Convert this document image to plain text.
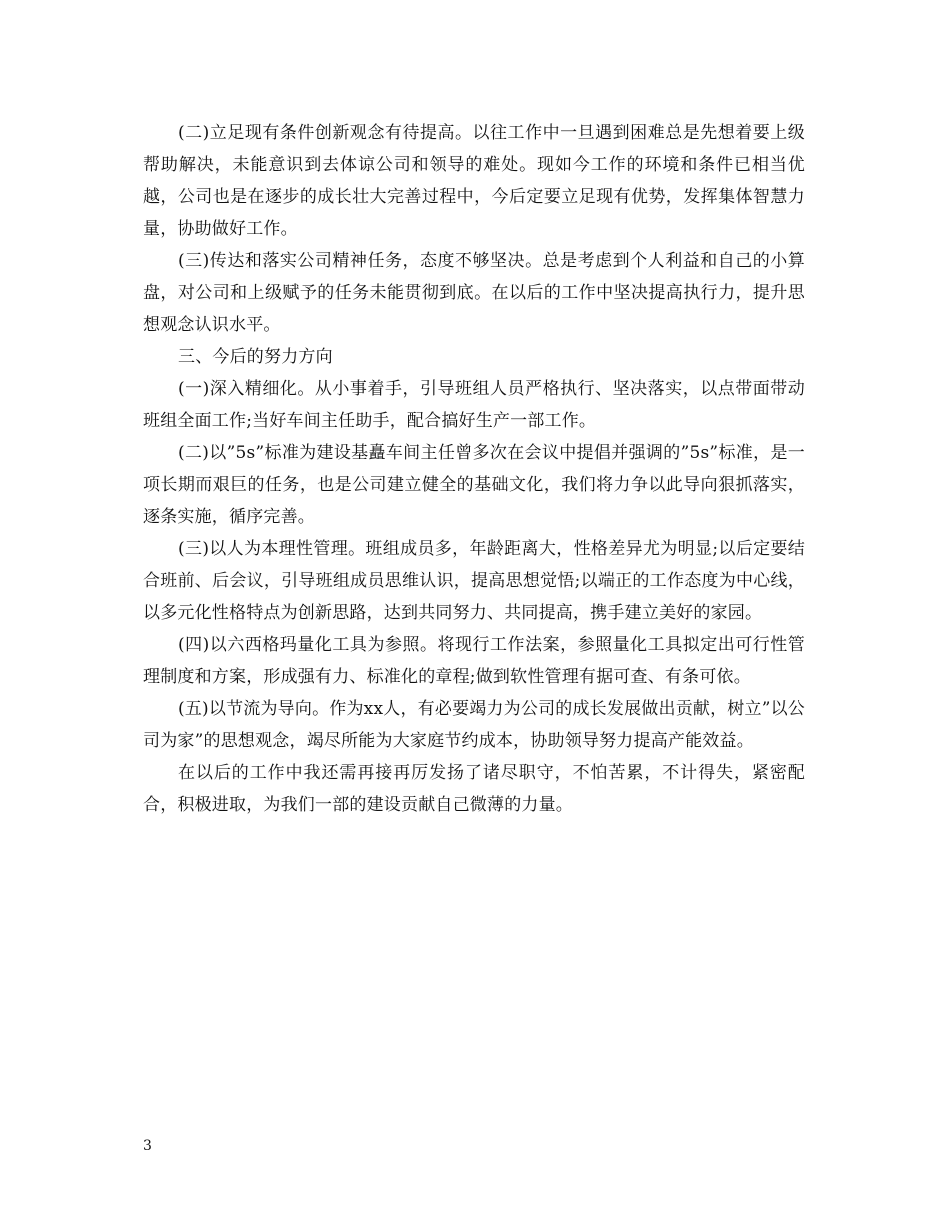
(二)立足现有条件创新观念有待提高。以往工作中一旦遇到困难总是先想着要上级帮助解决，未能意识到去体谅公司和领导的难处。现如今工作的环境和条件已相当优越，公司也是在逐步的成长壮大完善过程中，今后定要立足现有优势，发挥集体智慧力量，协助做好工作。

(三)传达和落实公司精神任务，态度不够坚决。总是考虑到个人利益和自己的小算盘，对公司和上级赋予的任务未能贯彻到底。在以后的工作中坚决提高执行力，提升思想观念认识水平。

三、今后的努力方向

(一)深入精细化。从小事着手，引导班组人员严格执行、坚决落实，以点带面带动班组全面工作;当好车间主任助手，配合搞好生产一部工作。

(二)以”5s”标准为建设基矗车间主任曾多次在会议中提倡并强调的”5s”标准，是一项长期而艰巨的任务，也是公司建立健全的基础文化，我们将力争以此导向狠抓落实，逐条实施，循序完善。

(三)以人为本理性管理。班组成员多，年龄距离大，性格差异尤为明显;以后定要结合班前、后会议，引导班组成员思维认识，提高思想觉悟;以端正的工作态度为中心线，以多元化性格特点为创新思路，达到共同努力、共同提高，携手建立美好的家园。

(四)以六西格玛量化工具为参照。将现行工作法案，参照量化工具拟定出可行性管理制度和方案，形成强有力、标准化的章程;做到软性管理有据可查、有条可依。

(五)以节流为导向。作为xx人，有必要竭力为公司的成长发展做出贡献，树立”以公司为家”的思想观念，竭尽所能为大家庭节约成本，协助领导努力提高产能效益。

在以后的工作中我还需再接再厉发扬了诸尽职守，不怕苦累，不计得失，紧密配合，积极进取，为我们一部的建设贡献自己微薄的力量。

3
